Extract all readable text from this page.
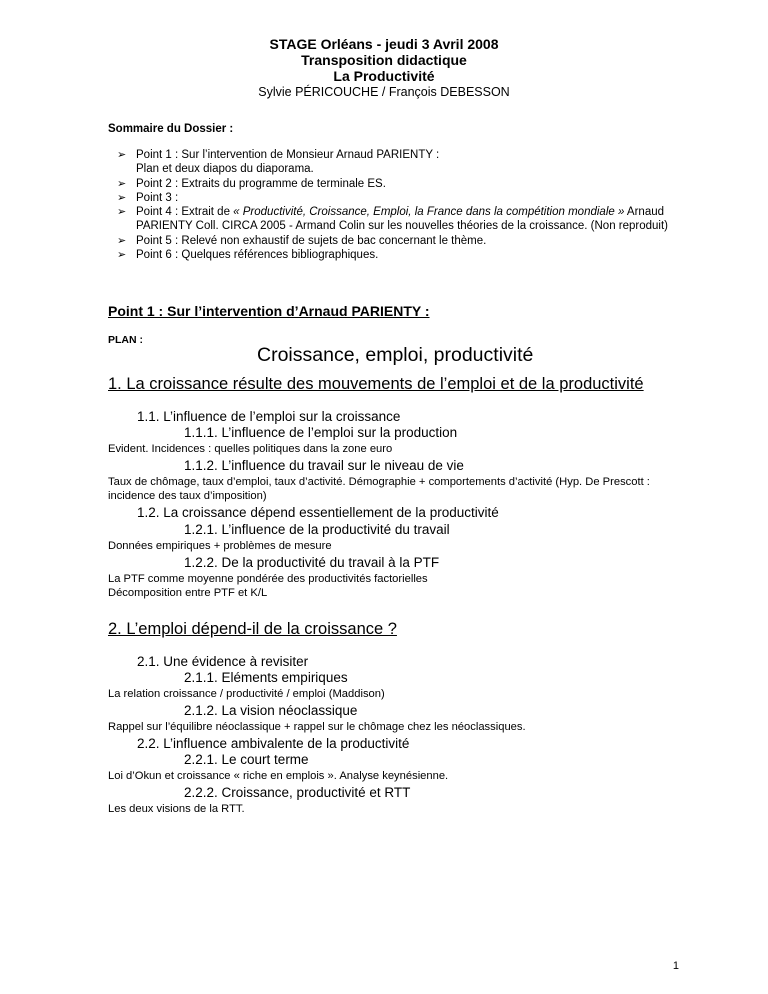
STAGE Orléans - jeudi 3 Avril 2008
Transposition didactique
La Productivité
Sylvie PÉRICOUCHE / François DEBESSON
Sommaire du Dossier :
➢ Point 1 : Sur l’intervention de Monsieur Arnaud PARIENTY :
Plan et deux diapos du diaporama.
➢ Point 2 : Extraits du programme de terminale ES.
➢ Point 3 :
➢ Point 4 : Extrait de « Productivité, Croissance, Emploi, la France dans la compétition mondiale » Arnaud PARIENTY Coll. CIRCA 2005 - Armand Colin sur les nouvelles théories de la croissance. (Non reproduit)
➢ Point 5 : Relevé non exhaustif de sujets de bac concernant le thème.
➢ Point 6 : Quelques références bibliographiques.
Point 1 : Sur l’intervention d’Arnaud PARIENTY :
PLAN :
Croissance, emploi, productivité
1. La croissance résulte des mouvements de l’emploi et de la productivité
1.1. L’influence de l’emploi sur la croissance
1.1.1. L’influence de l’emploi sur la production
Evident. Incidences : quelles politiques dans la zone euro
1.1.2. L’influence du travail sur le niveau de vie
Taux de chômage, taux d’emploi, taux d’activité. Démographie + comportements d’activité (Hyp. De Prescott : incidence des taux d’imposition)
1.2. La croissance dépend essentiellement de la productivité
1.2.1. L’influence de la productivité du travail
Données empiriques + problèmes de mesure
1.2.2. De la productivité du travail à la PTF
La PTF comme moyenne pondérée des productivités factorielles
Décomposition entre PTF et K/L
2. L’emploi dépend-il de la croissance ?
2.1. Une évidence à revisiter
2.1.1. Eléments empiriques
La relation croissance / productivité / emploi (Maddison)
2.1.2. La vision néoclassique
Rappel sur l’équilibre néoclassique + rappel sur le chômage chez les néoclassiques.
2.2. L’influence ambivalente de la productivité
2.2.1. Le court terme
Loi d’Okun et croissance « riche en emplois ». Analyse keynésienne.
2.2.2. Croissance, productivité et RTT
Les deux visions de la RTT.
1
